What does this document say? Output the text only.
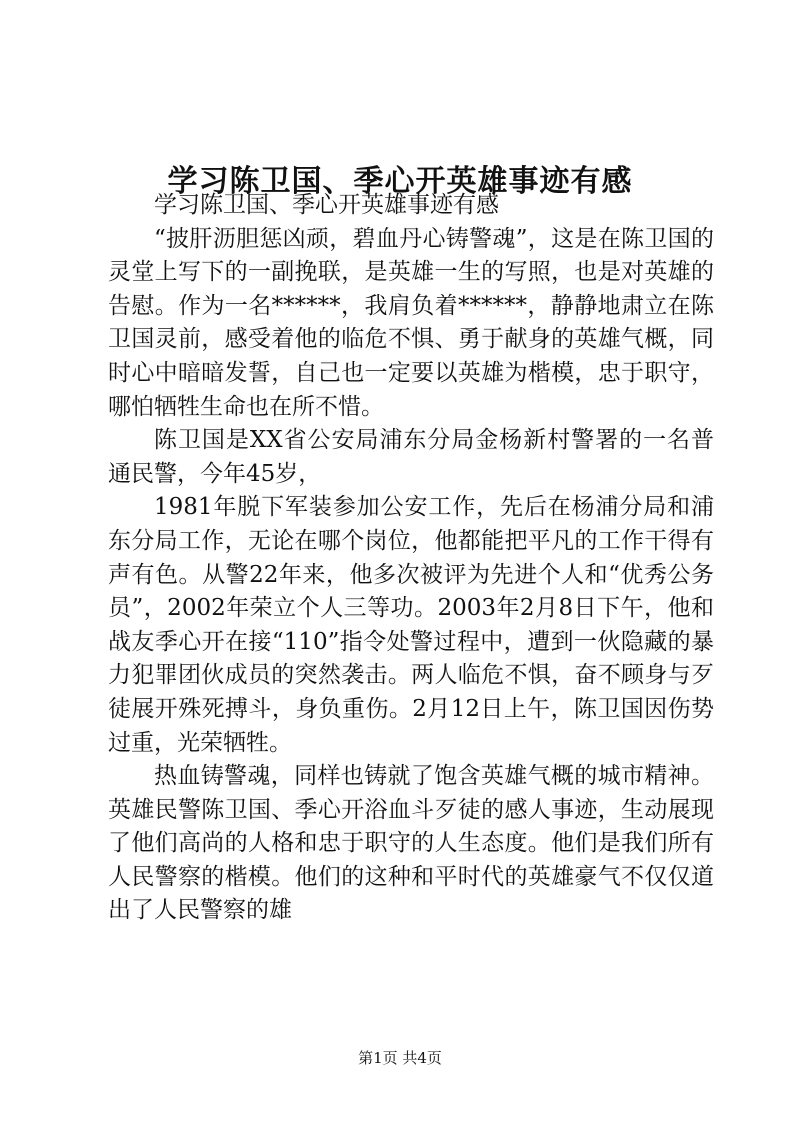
学习陈卫国、季心开英雄事迹有感

学习陈卫国、季心开英雄事迹有感

“披肝沥胆惩凶顽，碧血丹心铸警魂”，这是在陈卫国的灵堂上写下的一副挽联，是英雄一生的写照，也是对英雄的告慰。作为一名******，我肩负着******，静静地肃立在陈卫国灵前，感受着他的临危不惧、勇于献身的英雄气概，同时心中暗暗发誓，自己也一定要以英雄为楷模，忠于职守，哪怕牺牲生命也在所不惜。

陈卫国是XX省公安局浦东分局金杨新村警署的一名普通民警，今年45岁，

1981年脱下军装参加公安工作，先后在杨浦分局和浦东分局工作，无论在哪个岗位，他都能把平凡的工作干得有声有色。从警22年来，他多次被评为先进个人和“优秀公务员”，2002年荣立个人三等功。2003年2月8日下午，他和战友季心开在接“110”指令处警过程中，遭到一伙隐藏的暴力犯罪团伙成员的突然袭击。两人临危不惧，奋不顾身与歹徒展开殊死搏斗，身负重伤。2月12日上午，陈卫国因伤势过重，光荣牺牲。

热血铸警魂，同样也铸就了饱含英雄气概的城市精神。英雄民警陈卫国、季心开浴血斗歹徒的感人事迹，生动展现了他们高尚的人格和忠于职守的人生态度。他们是我们所有人民警察的楷模。他们的这种和平时代的英雄豪气不仅仅道出了人民警察的雄

第1页 共4页
